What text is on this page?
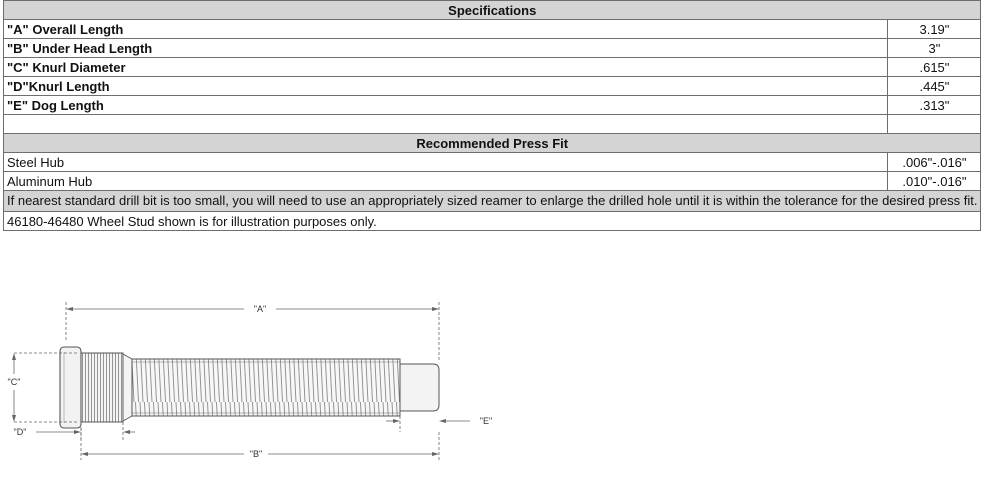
Specifications	
"A" Overall Length	3.19"
"B" Under Head Length	3"
"C" Knurl Diameter	.615"
"D"Knurl Length	.445"
"E" Dog Length	.313"

Recommended Press Fit	
Steel Hub	.006"-.016"
Aluminum Hub	.010"-.016"
If nearest standard drill bit is too small, you will need to use an appropriately sized reamer to enlarge the drilled hole until it is within the tolerance for the desired press fit.	
46180-46480 Wheel Stud shown is for illustration purposes only.	
"A"
"C"
"D"
"E"
"B"
